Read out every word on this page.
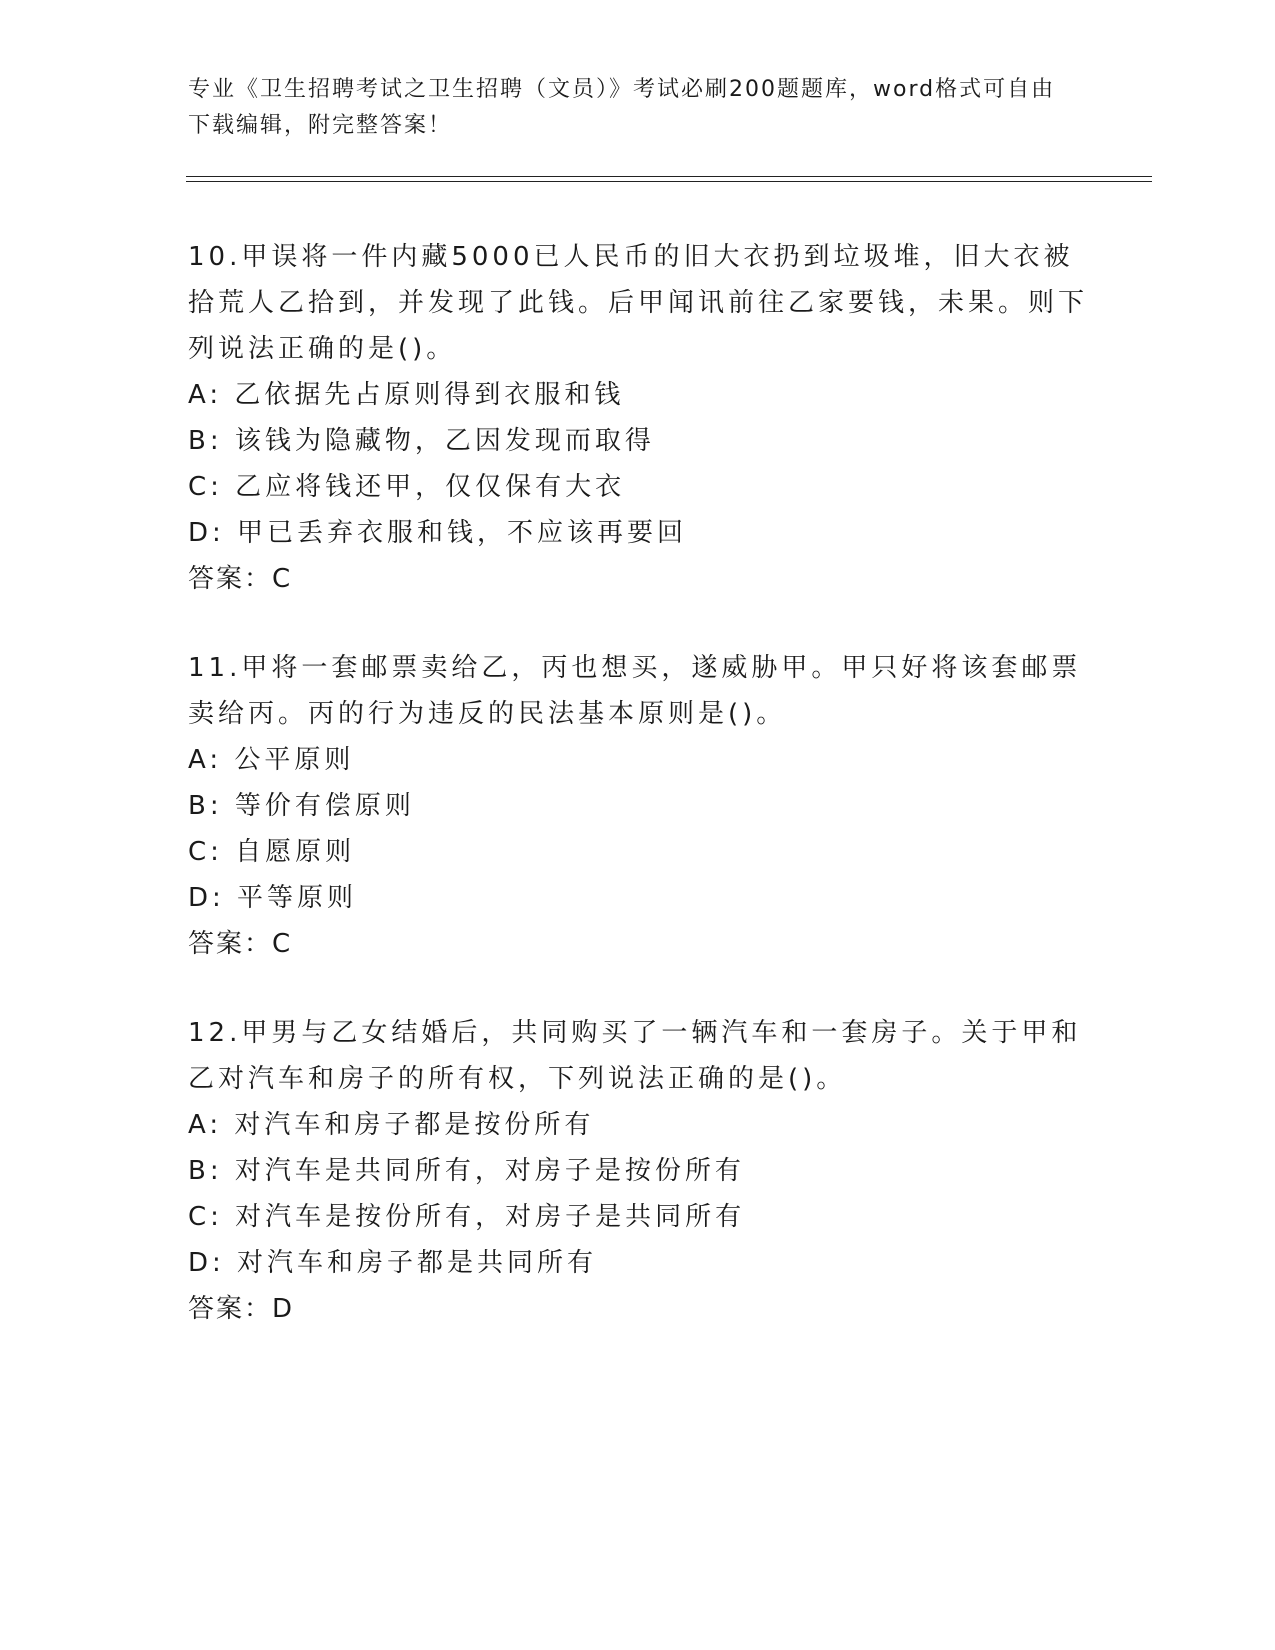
专业《卫生招聘考试之卫生招聘（文员）》考试必刷200题题库，word格式可自由下载编辑，附完整答案！

10.甲误将一件内藏5000已人民币的旧大衣扔到垃圾堆，旧大衣被拾荒人乙拾到，并发现了此钱。后甲闻讯前往乙家要钱，未果。则下列说法正确的是()。

A: 乙依据先占原则得到衣服和钱

B: 该钱为隐藏物，乙因发现而取得

C: 乙应将钱还甲，仅仅保有大衣

D: 甲已丢弃衣服和钱，不应该再要回

答案：C

11.甲将一套邮票卖给乙，丙也想买，遂威胁甲。甲只好将该套邮票卖给丙。丙的行为违反的民法基本原则是()。

A: 公平原则

B: 等价有偿原则

C: 自愿原则

D: 平等原则

答案：C

12.甲男与乙女结婚后，共同购买了一辆汽车和一套房子。关于甲和乙对汽车和房子的所有权，下列说法正确的是()。

A: 对汽车和房子都是按份所有

B: 对汽车是共同所有，对房子是按份所有

C: 对汽车是按份所有，对房子是共同所有

D: 对汽车和房子都是共同所有

答案：D
